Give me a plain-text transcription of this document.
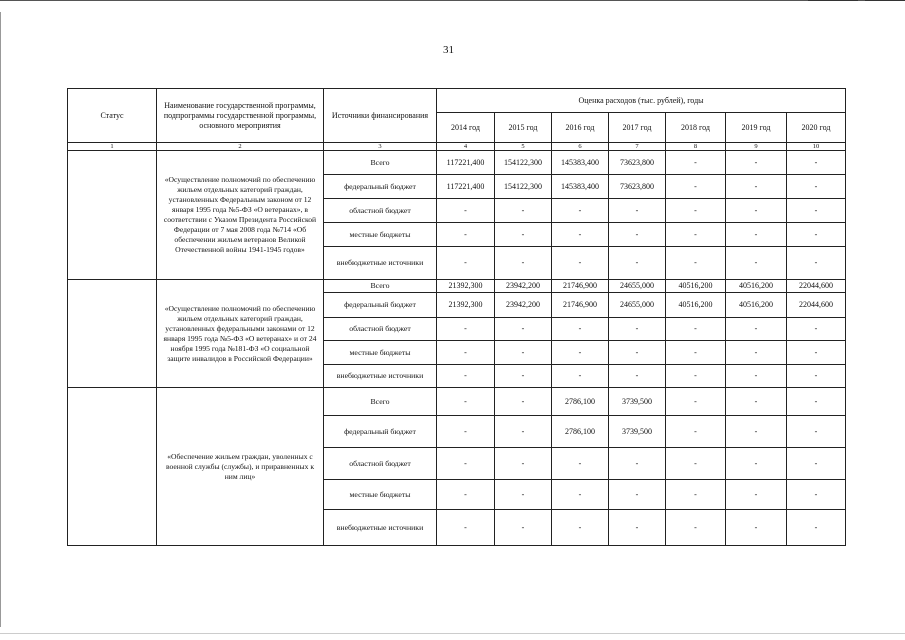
31
Статус	Наименование государственной программы, подпрограммы государственной программы, основного мероприятия	Источники финансирования	Оценка расходов (тыс. рублей), годы						
			2014 год	2015 год	2016 год	2017 год	2018 год	2019 год	2020 год
1	2	3	4	5	6	7	8	9	10
	«Осуществление полномочий по обеспечению жильем отдельных категорий граждан, установленных Федеральным законом от 12 января 1995 года №5-ФЗ «О ветеранах», в соответствии с Указом Президента Российской Федерации от 7 мая 2008 года №714 «Об обеспечении жильем ветеранов Великой Отечественной войны 1941-1945 годов»	Всего	117221,400	154122,300	145383,400	73623,800	-	-	-
		федеральный бюджет	117221,400	154122,300	145383,400	73623,800	-	-	-
		областной бюджет	-	-	-	-	-	-	-
		местные бюджеты	-	-	-	-	-	-	-
		внебюджетные источники	-	-	-	-	-	-	-
	«Осуществление полномочий по обеспечению жильем отдельных категорий граждан, установленных федеральными законами от 12 января 1995 года №5-ФЗ «О ветеранах» и от 24 ноября 1995 года №181-ФЗ «О социальной защите инвалидов в Российской Федерации»	Всего	21392,300	23942,200	21746,900	24655,000	40516,200	40516,200	22044,600
		федеральный бюджет	21392,300	23942,200	21746,900	24655,000	40516,200	40516,200	22044,600
		областной бюджет	-	-	-	-	-	-	-
		местные бюджеты	-	-	-	-	-	-	-
		внебюджетные источники	-	-	-	-	-	-	-
	«Обеспечение жильем граждан, уволенных с военной службы (службы), и приравненных к ним лиц»	Всего	-	-	2786,100	3739,500	-	-	-
		федеральный бюджет	-	-	2786,100	3739,500	-	-	-
		областной бюджет	-	-	-	-	-	-	-
		местные бюджеты	-	-	-	-	-	-	-
		внебюджетные источники	-	-	-	-	-	-	-
